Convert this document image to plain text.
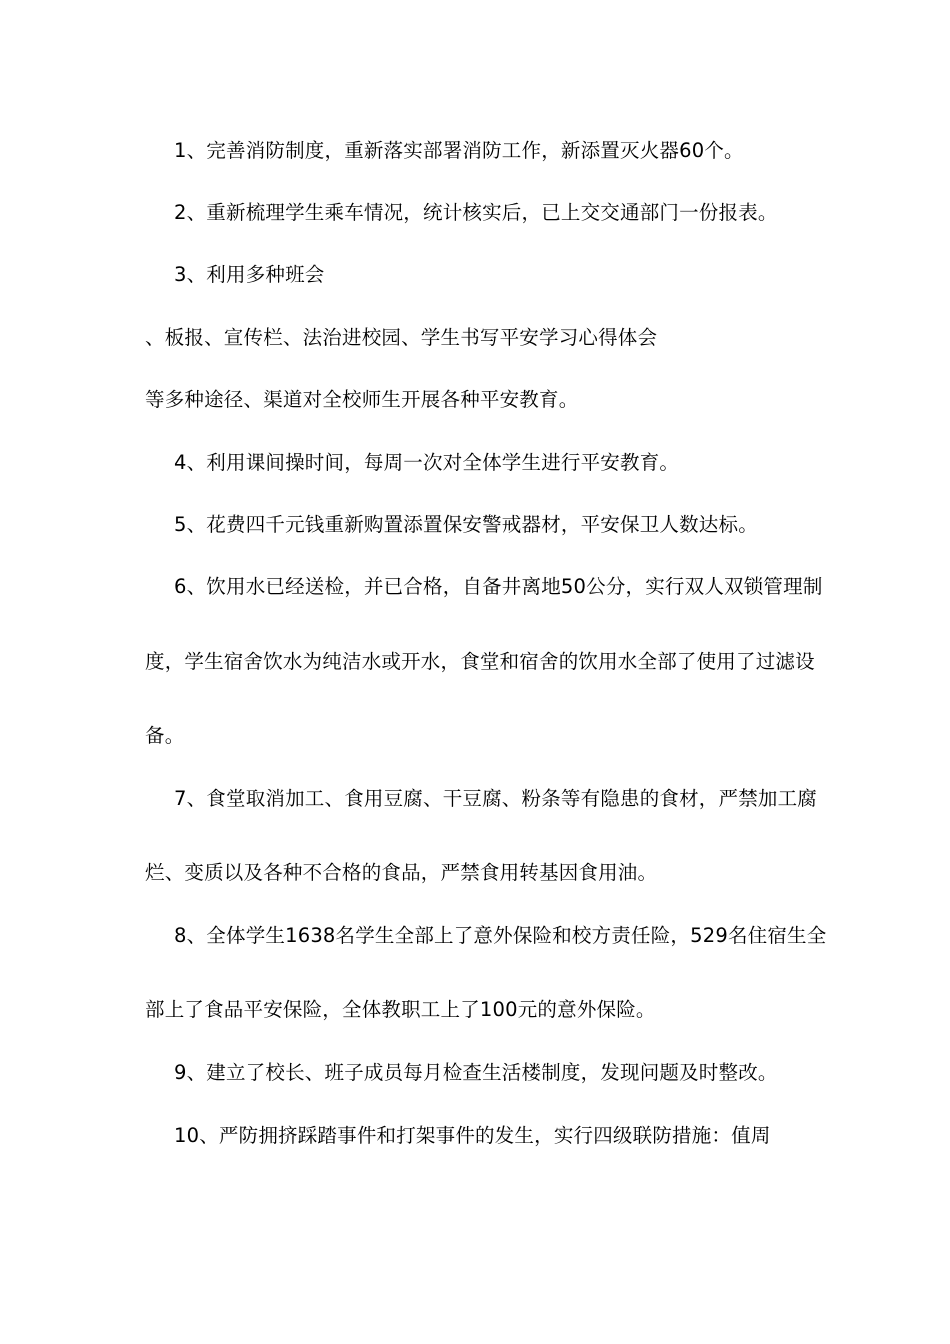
1、完善消防制度，重新落实部署消防工作，新添置灭火器60个。
2、重新梳理学生乘车情况，统计核实后，已上交交通部门一份报表。
3、利用多种班会
、板报、宣传栏、法治进校园、学生书写平安学习心得体会
等多种途径、渠道对全校师生开展各种平安教育。
4、利用课间操时间，每周一次对全体学生进行平安教育。
5、花费四千元钱重新购置添置保安警戒器材，平安保卫人数达标。
6、饮用水已经送检，并已合格，自备井离地50公分，实行双人双锁管理制
度，学生宿舍饮水为纯洁水或开水，食堂和宿舍的饮用水全部了使用了过滤设
备。
7、食堂取消加工、食用豆腐、干豆腐、粉条等有隐患的食材，严禁加工腐
烂、变质以及各种不合格的食品，严禁食用转基因食用油。
8、全体学生1638名学生全部上了意外保险和校方责任险，529名住宿生全
部上了食品平安保险，全体教职工上了100元的意外保险。
9、建立了校长、班子成员每月检查生活楼制度，发现问题及时整改。
10、严防拥挤踩踏事件和打架事件的发生，实行四级联防措施：值周
